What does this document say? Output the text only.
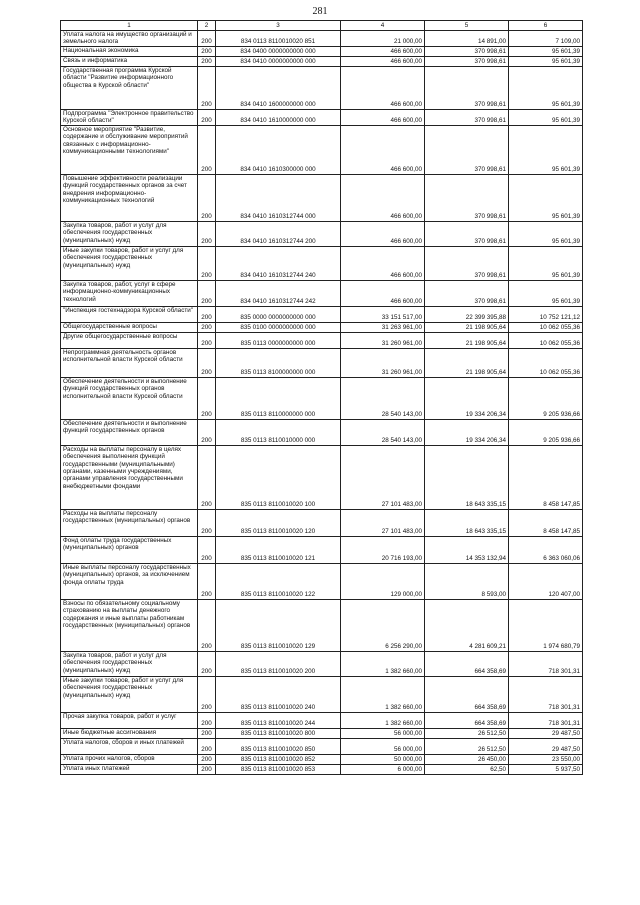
281
1	2	3	4	5	6
Уплата налога на имущество организаций и земельного налога	200	834 0113 8110010020 851	21 000,00	14 891,00	7 109,00
Национальная экономика	200	834 0400 0000000000 000	466 600,00	370 998,61	95 601,39
Связь и информатика	200	834 0410 0000000000 000	466 600,00	370 998,61	95 601,39
Государственная программа Курской области "Развитие информационного общества в Курской области"	200	834 0410 1600000000 000	466 600,00	370 998,61	95 601,39
Подпрограмма "Электронное правительство Курской области"	200	834 0410 1610000000 000	466 600,00	370 998,61	95 601,39
Основное мероприятие "Развитие, содержание и обслуживание мероприятий связанных с информационно-коммуникационными технологиями"	200	834 0410 1610300000 000	466 600,00	370 998,61	95 601,39
Повышение эффективности реализации функций государственных органов за счет внедрения информационно-коммуникационных технологий	200	834 0410 1610312744 000	466 600,00	370 998,61	95 601,39
Закупка товаров, работ и услуг для обеспечения государственных (муниципальных) нужд	200	834 0410 1610312744 200	466 600,00	370 998,61	95 601,39
Иные закупки товаров, работ и услуг для обеспечения государственных (муниципальных) нужд	200	834 0410 1610312744 240	466 600,00	370 998,61	95 601,39
Закупка товаров, работ, услуг в сфере информационно-коммуникационных технологий	200	834 0410 1610312744 242	466 600,00	370 998,61	95 601,39
"Инспекция гостехнадзора Курской области"	200	835 0000 0000000000 000	33 151 517,00	22 399 395,88	10 752 121,12
Общегосударственные вопросы	200	835 0100 0000000000 000	31 263 961,00	21 198 905,64	10 062 055,36
Другие общегосударственные вопросы	200	835 0113 0000000000 000	31 260 961,00	21 198 905,64	10 062 055,36
Непрограммная деятельность органов исполнительной власти Курской области	200	835 0113 8100000000 000	31 260 961,00	21 198 905,64	10 062 055,36
Обеспечение деятельности и выполнение функций государственных органов исполнительной власти Курской области	200	835 0113 8110000000 000	28 540 143,00	19 334 206,34	9 205 936,66
Обеспечение деятельности и выполнение функций государственных органов	200	835 0113 8110010000 000	28 540 143,00	19 334 206,34	9 205 936,66
Расходы на выплаты персоналу в целях обеспечения выполнения функций государственными (муниципальными) органами, казенными учреждениями, органами управления государственными внебюджетными фондами	200	835 0113 8110010020 100	27 101 483,00	18 643 335,15	8 458 147,85
Расходы на выплаты персоналу государственных (муниципальных) органов	200	835 0113 8110010020 120	27 101 483,00	18 643 335,15	8 458 147,85
Фонд оплаты труда государственных (муниципальных) органов	200	835 0113 8110010020 121	20 716 193,00	14 353 132,94	6 363 060,06
Иные выплаты персоналу государственных (муниципальных) органов, за исключением фонда оплаты труда	200	835 0113 8110010020 122	129 000,00	8 593,00	120 407,00
Взносы по обязательному социальному страхованию на выплаты денежного содержания и иные выплаты работникам государственных (муниципальных) органов	200	835 0113 8110010020 129	6 256 290,00	4 281 609,21	1 974 680,79
Закупка товаров, работ и услуг для обеспечения государственных (муниципальных) нужд	200	835 0113 8110010020 200	1 382 660,00	664 358,69	718 301,31
Иные закупки товаров, работ и услуг для обеспечения государственных (муниципальных) нужд	200	835 0113 8110010020 240	1 382 660,00	664 358,69	718 301,31
Прочая закупка товаров, работ и услуг	200	835 0113 8110010020 244	1 382 660,00	664 358,69	718 301,31
Иные бюджетные ассигнования	200	835 0113 8110010020 800	56 000,00	26 512,50	29 487,50
Уплата налогов, сборов и иных платежей	200	835 0113 8110010020 850	56 000,00	26 512,50	29 487,50
Уплата прочих налогов, сборов	200	835 0113 8110010020 852	50 000,00	26 450,00	23 550,00
Уплата иных платежей	200	835 0113 8110010020 853	6 000,00	62,50	5 937,50
